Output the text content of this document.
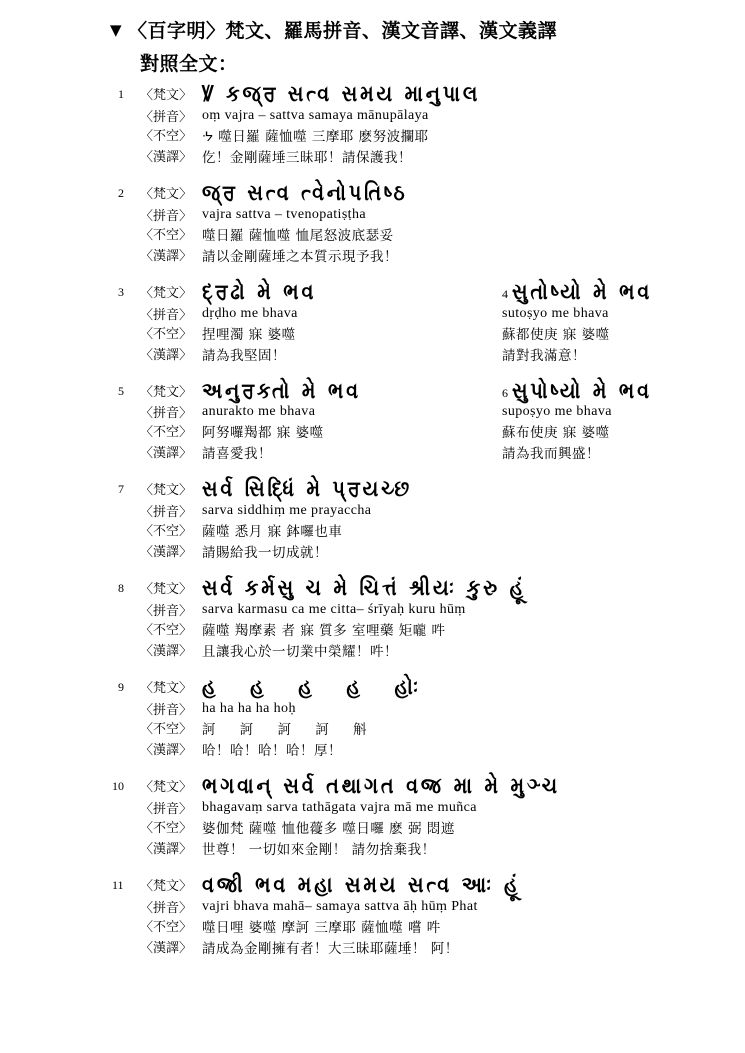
▼ 〈百字明〉梵文、羅馬拼音、漢文音譯、漢文義譯
對照全文：
1 〈梵文〉 Ꝟ કજ્ਰ સત્વ સમય માનુપાલ
〈拼音〉 oṃ vajra – sattva samaya mānupālaya
〈不空〉 ᔹ 噬日羅 薩恤噬 三摩耶 麽努波攔耶
〈漢譯〉 仡！金剛薩埵三昧耶！請保護我！
2 〈梵文〉 જ્ਰ સત્વ ત્વેનોપતિષ્ઠ
〈拼音〉 vajra sattva – tvenopatiṣṭha
〈不空〉 噬日羅 薩恤噬 恤尾怒波底瑟妥
〈漢譯〉 請以金剛薩埵之本質示現予我！
3 〈梵文〉 દ્ਰઢો મે ભવ	4 સુતોષ્યો મે ભવ
〈拼音〉 dṛḍho me bhava	sutoṣyo me bhava
〈不空〉 捏哩濁 寐 婆噬	蘇都使庚 寐 婆噬
〈漢譯〉 請為我堅固！	請對我滿意！
5 〈梵文〉 અનુਰક્તો મે ભવ	6 સુપોષ્યો મે ભવ
〈拼音〉 anurakto me bhava	supoṣyo me bhava
〈不空〉 阿努囉羯都 寐 婆噬	蘇布使庚 寐 婆噬
〈漢譯〉 請喜愛我！	請為我而興盛！
7 〈梵文〉 સર્વ સિદ્ધિં મે પ્ਰયચ્છ
〈拼音〉 sarva siddhiṃ me prayaccha
〈不空〉 薩噬 悉月 寐 鉢囉也車
〈漢譯〉 請賜給我一切成就！
8 〈梵文〉 સર્વ કર્મસુ ચ મે ચિત્તં શ્રીયઃ કુરુ હૂં
〈拼音〉 sarva karmasu ca me citta– śrīyaḥ kuru hūṃ
〈不空〉 薩噬 羯摩素 者 寐 質多 室哩藥 矩嚨 吽
〈漢譯〉 且讓我心於一切業中榮耀！吽！
9 〈梵文〉 હ હ હ હ હોઃ
〈拼音〉 ha ha ha ha hoḥ
〈不空〉 訶 訶 訶 訶 斛
〈漢譯〉 哈！哈！哈！哈！厚！
10 〈梵文〉 ભગવાન્ સર્વ તથાગત વજ્ર મા મે મુઞ્ચ
〈拼音〉 bhagavaṃ sarva tathāgata vajra mā me muñca
〈不空〉 婆伽梵 薩噬 恤他蘉多 噬日囉 麽 弼 悶遮
〈漢譯〉 世尊！ 一切如來金剛！ 請勿捨棄我！
11 〈梵文〉 વજ્રી ભવ મહા સમય સત્વ આઃ હૂં
〈拼音〉 vajri bhava mahā– samaya sattva āḥ hūṃ Phat
〈不空〉 噬日哩 婆噬 摩訶 三摩耶 薩恤噬 嚐 吽
〈漢譯〉 請成為金剛擁有者！大三昧耶薩埵！ 阿！
